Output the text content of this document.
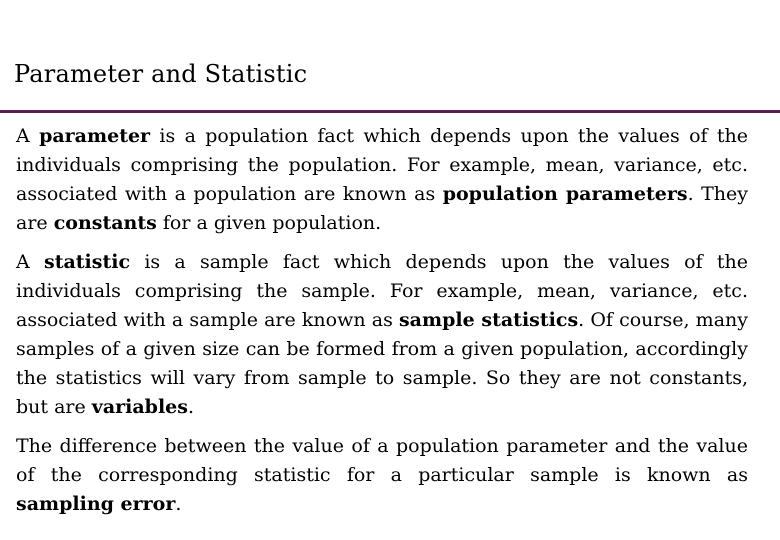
Parameter and Statistic

A parameter is a population fact which depends upon the values of the individuals comprising the population. For example, mean, variance, etc. associated with a population are known as population parameters. They are constants for a given population.

A statistic is a sample fact which depends upon the values of the individuals comprising the sample. For example, mean, variance, etc. associated with a sample are known as sample statistics. Of course, many samples of a given size can be formed from a given population, accordingly the statistics will vary from sample to sample. So they are not constants, but are variables.

The difference between the value of a population parameter and the value of the corresponding statistic for a particular sample is known as sampling error.
